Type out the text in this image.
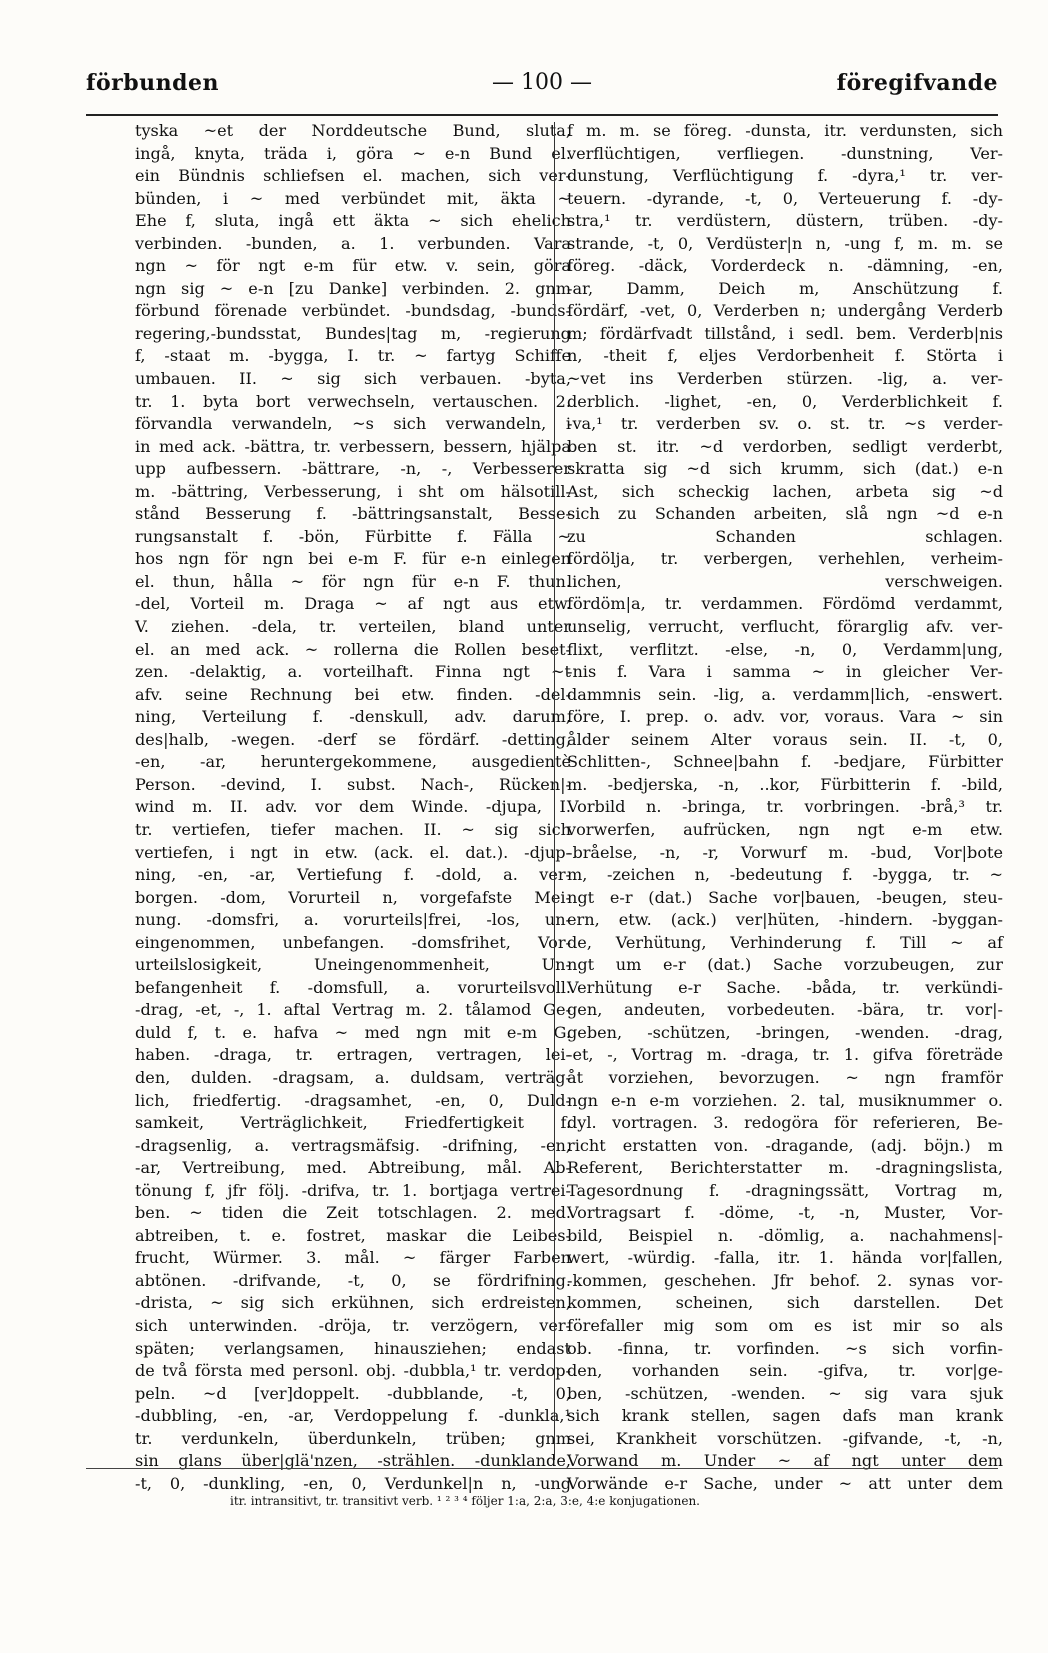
förbunden	— 100 —	föregifvande
tyska ~et der Norddeutsche Bund, sluta,
ingå, knyta, träda i, göra ~ e-n Bund el.
ein Bündnis schliefsen el. machen, sich ver-
bünden, i ~ med verbündet mit, äkta ~
Ehe f, sluta, ingå ett äkta ~ sich ehelich
verbinden. -bunden, a. 1. verbunden. Vara
ngn ~ för ngt e-m für etw. v. sein, göra
ngn sig ~ e-n [zu Danke] verbinden. 2. gnm
förbund förenade verbündet. -bundsdag, -bunds-
regering,-bundsstat, Bundes|tag m, -regierung
f, -staat m. -bygga, I. tr. ~ fartyg Schiffe
umbauen. II. ~ sig sich verbauen. -byta,
tr. 1. byta bort verwechseln, vertauschen. 2.
förvandla verwandeln, ~s sich verwandeln, i
in med ack. -bättra, tr. verbessern, bessern, hjälpa
upp aufbessern. -bättrare, -n, -, Verbesserer
m. -bättring, Verbesserung, i sht om hälsotill-
stånd Besserung f. -bättringsanstalt, Besse-
rungsanstalt f. -bön, Fürbitte f. Fälla ~
hos ngn för ngn bei e-m F. für e-n einlegen
el. thun, hålla ~ för ngn für e-n F. thun.
-del, Vorteil m. Draga ~ af ngt aus etw.
V. ziehen. -dela, tr. verteilen, bland unter
el. an med ack. ~ rollerna die Rollen beset-
zen. -delaktig, a. vorteilhaft. Finna ngt ~t
afv. seine Rechnung bei etw. finden. -del-
ning, Verteilung f. -denskull, adv. darum,
des|halb, -wegen. -derf se fördärf. -detting,
-en, -ar, heruntergekommene, ausgedientè
Person. -devind, I. subst. Nach-, Rücken|-
wind m. II. adv. vor dem Winde. -djupa, I.
tr. vertiefen, tiefer machen. II. ~ sig sich
vertiefen, i ngt in etw. (ack. el. dat.). -djup-
ning, -en, -ar, Vertiefung f. -dold, a. ver-
borgen. -dom, Vorurteil n, vorgefafste Mei-
nung. -domsfri, a. vorurteils|frei, -los, un-
eingenommen, unbefangen. -domsfrihet, Vor-
urteilslosigkeit, Uneingenommenheit, Un-
befangenheit f. -domsfull, a. vorurteilsvoll.
-drag, -et, -, 1. aftal Vertrag m. 2. tålamod Ge-
duld f, t. e. hafva ~ med ngn mit e-m G.
haben. -draga, tr. ertragen, vertragen, lei-
den, dulden. -dragsam, a. duldsam, verträg-
lich, friedfertig. -dragsamhet, -en, 0, Duld-
samkeit, Verträglichkeit, Friedfertigkeit f.
-dragsenlig, a. vertragsmäfsig. -drifning, -en,
-ar, Vertreibung, med. Abtreibung, mål. Ab-
tönung f, jfr följ. -drifva, tr. 1. bortjaga vertrei-
ben. ~ tiden die Zeit totschlagen. 2. med.
abtreiben, t. e. fostret, maskar die Leibes-
frucht, Würmer. 3. mål. ~ färger Farben
abtönen. -drifvande, -t, 0, se fördrifning.
-drista, ~ sig sich erkühnen, sich erdreisten,
sich unterwinden. -dröja, tr. verzögern, ver-
späten; verlangsamen, hinausziehen; endast
de två första med personl. obj. -dubbla,¹ tr. verdop-
peln. ~d [ver]doppelt. -dubblande, -t, 0,
-dubbling, -en, -ar, Verdoppelung f. -dunkla,¹
tr. verdunkeln, überdunkeln, trüben; gnm
sin glans über|glä'nzen, -strählen. -dunklande,
-t, 0, -dunkling, -en, 0, Verdunkel|n n, -ung
f m. m. se föreg. -dunsta, itr. verdunsten, sich
verflüchtigen, verfliegen. -dunstning, Ver-
dunstung, Verflüchtigung f. -dyra,¹ tr. ver-
teuern. -dyrande, -t, 0, Verteuerung f. -dy-
stra,¹ tr. verdüstern, düstern, trüben. -dy-
strande, -t, 0, Verdüster|n n, -ung f, m. m. se
föreg. -däck, Vorderdeck n. -dämning, -en,
-ar, Damm, Deich m, Anschützung f.
fördärf, -vet, 0, Verderben n; undergång Verderb
m; fördärfvadt tillstånd, i sedl. bem. Verderb|nis
n, -theit f, eljes Verdorbenheit f. Störta i
~vet ins Verderben stürzen. -lig, a. ver-
derblich. -lighet, -en, 0, Verderblichkeit f.
-va,¹ tr. verderben sv. o. st. tr. ~s verder-
ben st. itr. ~d verdorben, sedligt verderbt,
skratta sig ~d sich krumm, sich (dat.) e-n
Ast, sich scheckig lachen, arbeta sig ~d
sich zu Schanden arbeiten, slå ngn ~d e-n
zu Schanden schlagen.
fördölja, tr. verbergen, verhehlen, verheim-
lichen, verschweigen.
fördöm|a, tr. verdammen. Fördömd verdammt,
unselig, verrucht, verflucht, förarglig afv. ver-
flixt, verflitzt. -else, -n, 0, Verdamm|ung,
-nis f. Vara i samma ~ in gleicher Ver-
dammnis sein. -lig, a. verdamm|lich, -enswert.
före, I. prep. o. adv. vor, voraus. Vara ~ sin
ålder seinem Alter voraus sein. II. -t, 0,
Schlitten-, Schnee|bahn f. -bedjare, Fürbitter
m. -bedjerska, -n, ..kor, Fürbitterin f. -bild,
Vorbild n. -bringa, tr. vorbringen. -brå,³ tr.
vorwerfen, aufrücken, ngn ngt e-m etw.
-bråelse, -n, -r, Vorwurf m. -bud, Vor|bote
m, -zeichen n, -bedeutung f. -bygga, tr. ~
ngt e-r (dat.) Sache vor|bauen, -beugen, steu-
ern, etw. (ack.) ver|hüten, -hindern. -byggan-
de, Verhütung, Verhinderung f. Till ~ af
ngt um e-r (dat.) Sache vorzubeugen, zur
Verhütung e-r Sache. -båda, tr. verkündi-
gen, andeuten, vorbedeuten. -bära, tr. vor|-
geben, -schützen, -bringen, -wenden. -drag,
-et, -, Vortrag m. -draga, tr. 1. gifva företräde
åt vorziehen, bevorzugen. ~ ngn framför
ngn e-n e-m vorziehen. 2. tal, musiknummer o.
dyl. vortragen. 3. redogöra för referieren, Be-
richt erstatten von. -dragande, (adj. böjn.) m
Referent, Berichterstatter m. -dragningslista,
Tagesordnung f. -dragningssätt, Vortrag m,
Vortragsart f. -döme, -t, -n, Muster, Vor-
bild, Beispiel n. -dömlig, a. nachahmens|-
wert, -würdig. -falla, itr. 1. hända vor|fallen,
-kommen, geschehen. Jfr behof. 2. synas vor-
kommen, scheinen, sich darstellen. Det
förefaller mig som om es ist mir so als
ob. -finna, tr. vorfinden. ~s sich vorfin-
den, vorhanden sein. -gifva, tr. vor|ge-
ben, -schützen, -wenden. ~ sig vara sjuk
sich krank stellen, sagen dafs man krank
sei, Krankheit vorschützen. -gifvande, -t, -n,
Vorwand m. Under ~ af ngt unter dem
Vorwände e-r Sache, under ~ att unter dem
itr. intransitivt, tr. transitivt verb. ¹ ² ³ ⁴ följer 1:a, 2:a, 3:e, 4:e konjugationen.
